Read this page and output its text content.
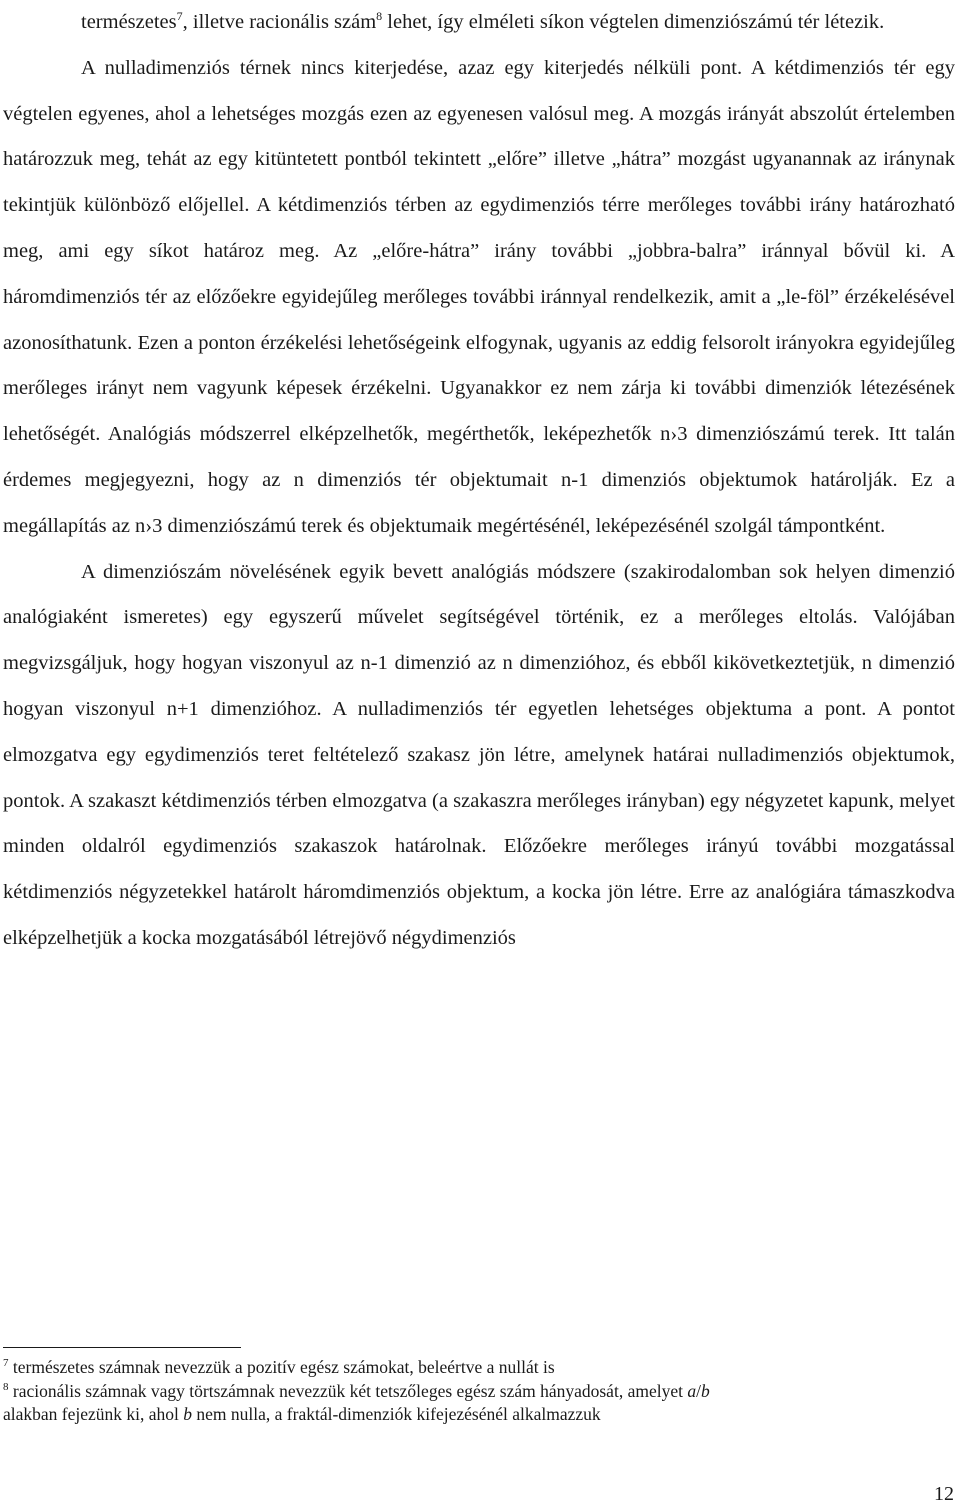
természetes$^7$, illetve racionális szám$^8$ lehet, így elméleti síkon végtelen dimenziószámú tér létezik.

A nulladimenziós térnek nincs kiterjedése, azaz egy kiterjedés nélküli pont. A kétdimenziós tér egy végtelen egyenes, ahol a lehetséges mozgás ezen az egyenesen valósul meg. A mozgás irányát abszolút értelemben határozzuk meg, tehát az egy kitüntetett pontból tekintett „előre” illetve „hátra” mozgást ugyanannak az iránynak tekintjük különböző előjellel. A kétdimenziós térben az egydimenziós térre merőleges további irány határozható meg, ami egy síkot határoz meg. Az „előre-hátra” irány további „jobbra-balra” iránnyal bővül ki. A háromdimenziós tér az előzőekre egyidejűleg merőleges további iránnyal rendelkezik, amit a „le-föl” érzékelésével azonosíthatunk. Ezen a ponton érzékelési lehetőségeink elfogynak, ugyanis az eddig felsorolt irányokra egyidejűleg merőleges irányt nem vagyunk képesek érzékelni. Ugyanakkor ez nem zárja ki további dimenziók létezésének lehetőségét. Analógiás módszerrel elképzelhetők, megérthetők, leképezhetők n›3 dimenziószámú terek. Itt talán érdemes megjegyezni, hogy az n dimenziós tér objektumait n-1 dimenziós objektumok határolják. Ez a megállapítás az n›3 dimenziószámú terek és objektumaik megértésénél, leképezésénél szolgál támpontként.

A dimenziószám növelésének egyik bevett analógiás módszere (szakirodalomban sok helyen dimenzió analógiaként ismeretes) egy egyszerű művelet segítségével történik, ez a merőleges eltolás. Valójában megvizsgáljuk, hogy hogyan viszonyul az n-1 dimenzió az n dimenzióhoz, és ebből kikövetkeztetjük, n dimenzió hogyan viszonyul n+1 dimenzióhoz. A nulladimenziós tér egyetlen lehetséges objektuma a pont. A pontot elmozgatva egy egydimenziós teret feltételező szakasz jön létre, amelynek határai nulladimenziós objektumok, pontok. A szakaszt kétdimenziós térben elmozgatva (a szakaszra merőleges irányban) egy négyzetet kapunk, melyet minden oldalról egydimenziós szakaszok határolnak. Előzőekre merőleges irányú további mozgatással kétdimenziós négyzetekkel határolt háromdimenziós objektum, a kocka jön létre. Erre az analógiára támaszkodva elképzelhetjük a kocka mozgatásából létrejövő négydimenziós

$^7$ természetes számnak nevezzük a pozitív egész számokat, beleértve a nullát is

$^8$ racionális számnak vagy törtszámnak nevezzük két tetszőleges egész szám hányadosát, amelyet a/b
alakban fejezünk ki, ahol b nem nulla, a fraktál-dimenziók kifejezésénél alkalmazzuk

12
